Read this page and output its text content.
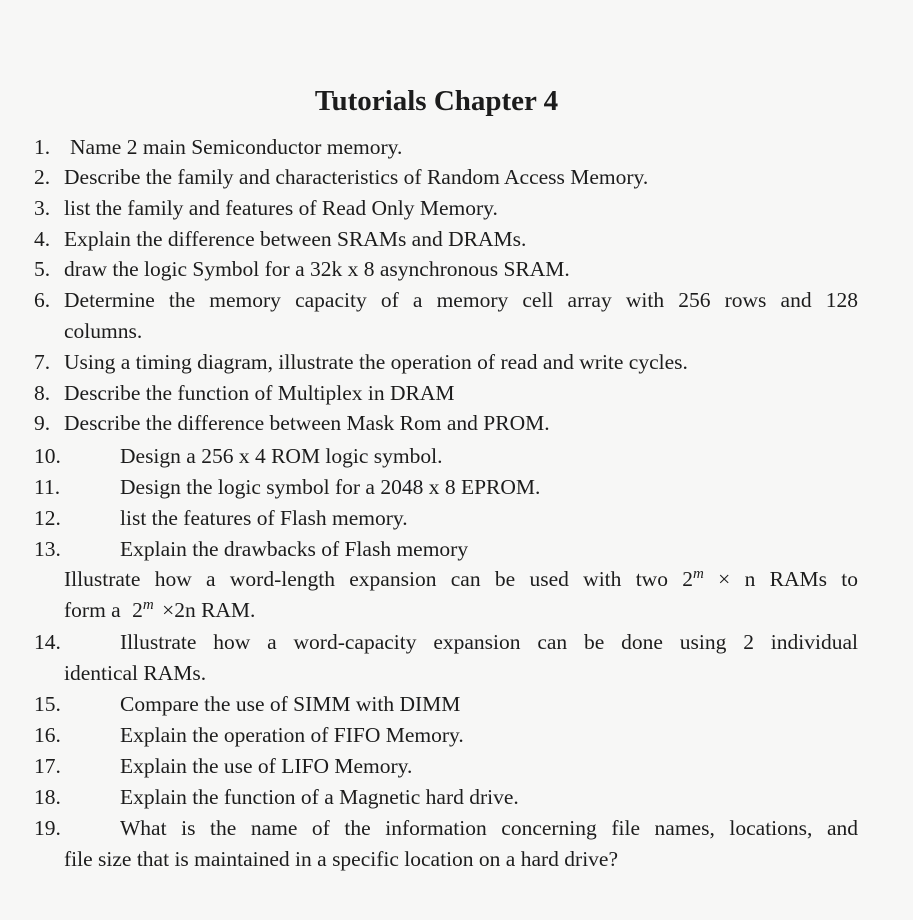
Tutorials Chapter 4
1. Name 2 main Semiconductor memory.
2. Describe the family and characteristics of Random Access Memory.
3. list the family and features of Read Only Memory.
4. Explain the difference between SRAMs and DRAMs.
5. draw the logic Symbol for a 32k x 8 asynchronous SRAM.
6. Determine the memory capacity of a memory cell array with 256 rows and 128
columns.
7. Using a timing diagram, illustrate the operation of read and write cycles.
8. Describe the function of Multiplex in DRAM
9. Describe the difference between Mask Rom and PROM.
10.	Design a 256 x 4 ROM logic symbol.
11.	Design the logic symbol for a 2048 x 8 EPROM.
12.	list the features of Flash memory.
13.	Explain the drawbacks of Flash memory
Illustrate how a word-length expansion can be used with two $2^m \times n$ RAMs to
form a $2^m \times 2n$ RAM.
14.	Illustrate how a word-capacity expansion can be done using 2 individual
identical RAMs.
15.	Compare the use of SIMM with DIMM
16.	Explain the operation of FIFO Memory.
17.	Explain the use of LIFO Memory.
18.	Explain the function of a Magnetic hard drive.
19.	What is the name of the information concerning file names, locations, and
file size that is maintained in a specific location on a hard drive?
